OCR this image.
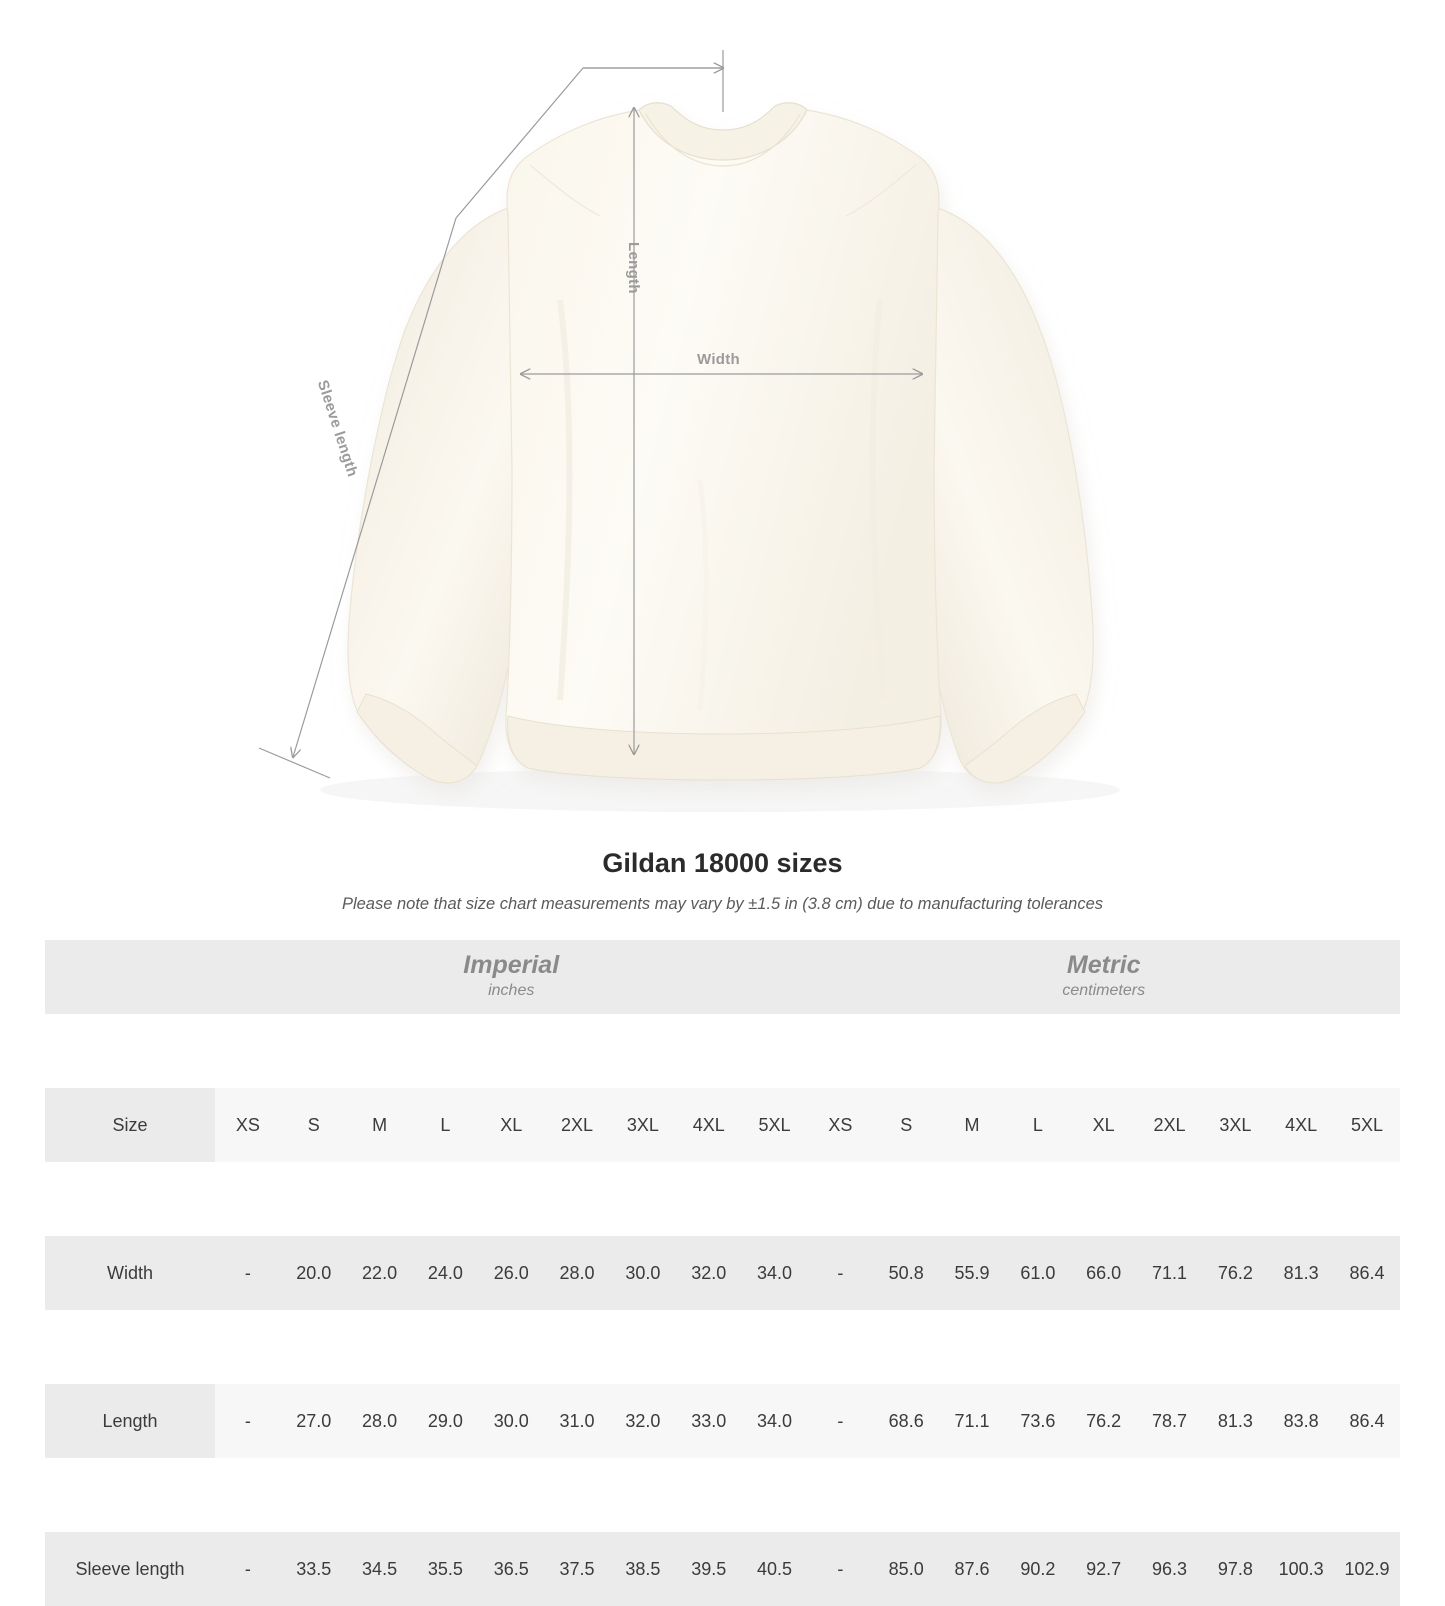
Length
Width
Sleeve length
Gildan 18000 sizes

Please note that size chart measurements may vary by ±1.5 in (3.8 cm) due to manufacturing tolerances

Imperial
inches

Metric
centimeters

Size	XS	S	M	L	XL	2XL	3XL	4XL	5XL	XS	S	M	L	XL	2XL	3XL	4XL	5XL

Width	-	20.0	22.0	24.0	26.0	28.0	30.0	32.0	34.0	-	50.8	55.9	61.0	66.0	71.1	76.2	81.3	86.4

Length	-	27.0	28.0	29.0	30.0	31.0	32.0	33.0	34.0	-	68.6	71.1	73.6	76.2	78.7	81.3	83.8	86.4

Sleeve length	-	33.5	34.5	35.5	36.5	37.5	38.5	39.5	40.5	-	85.0	87.6	90.2	92.7	96.3	97.8	100.3	102.9
